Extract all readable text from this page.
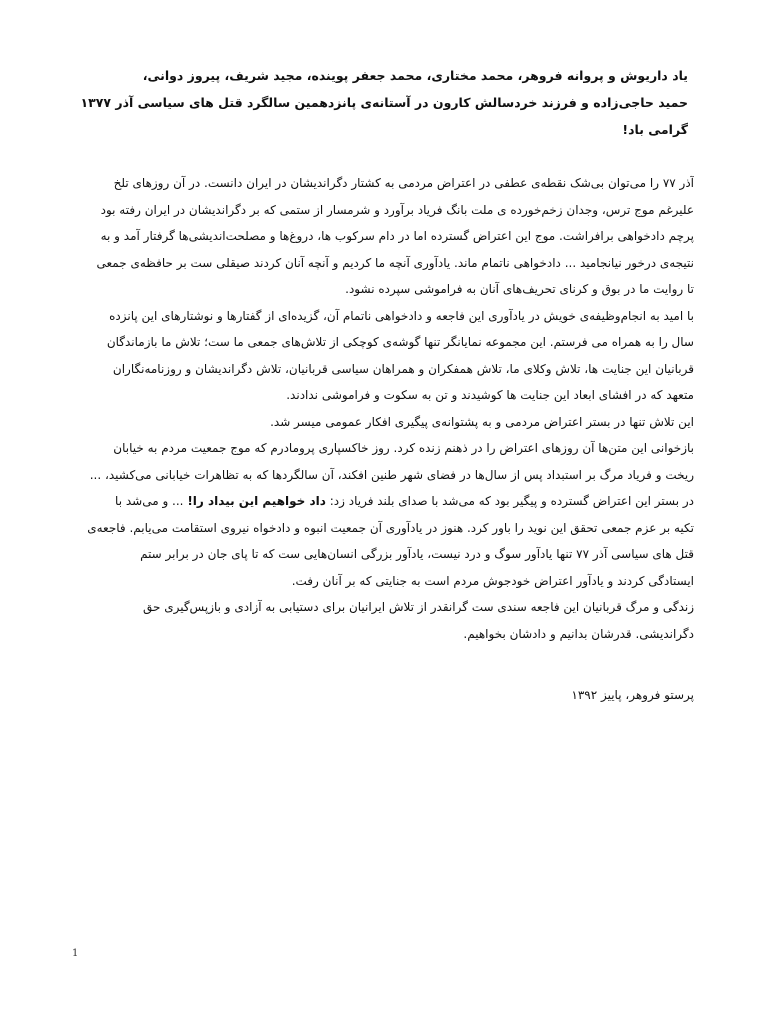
یاد داریوش و پروانه فروهر، محمد مختاری، محمد جعفر پوینده، مجید شریف، پیروز دوانی،
حمید حاجی‌زاده و فرزند خردسالش کارون در آستانه‌ی پانزدهمین سالگرد قتل های سیاسی آذر ۱۳۷۷
گرامی باد!
آذر ۷۷ را می‌توان بی‌شک نقطه‌ی عطفی در اعتراض مردمی به کشتار دگراندیشان در ایران دانست. در آن روزهای تلخ
علیرغم موج ترس، وجدان زخم‌خورده ی ملت بانگ فریاد برآورد و شرمسار از ستمی که بر دگراندیشان در ایران رفته بود
پرچم دادخواهی برافراشت. موج این اعتراض گسترده اما در دام سرکوب ها، دروغ‌ها و مصلحت‌اندیشی‌ها گرفتار آمد و به
نتیجه‌ی درخور نیانجامید ... دادخواهی ناتمام ماند. یادآوری آنچه ما کردیم و آنچه آنان کردند صیقلی ست بر حافظه‌ی جمعی
تا روایت ما در بوق و کرنای تحریف‌های آنان به فراموشی سپرده نشود.
با امید به انجام‌وظیفه‌ی خویش در یادآوری این فاجعه و دادخواهی ناتمام آن، گزیده‌ای از گفتارها و نوشتارهای این پانزده
سال را به همراه می فرستم. این مجموعه نمایانگر تنها گوشه‌ی کوچکی از تلاش‌های جمعی ما ست؛ تلاش ما بازماندگان
قربانیان این جنایت ها، تلاش وکلای ما، تلاش همفکران و همراهان سیاسی قربانیان، تلاش دگراندیشان و روزنامه‌نگاران
متعهد که در افشای ابعاد این جنایت ها کوشیدند و تن به سکوت و فراموشی ندادند.
این تلاش تنها در بستر اعتراض مردمی و به پشتوانه‌ی پیگیری افکار عمومی میسر شد.
بازخوانی این متن‌ها آن روزهای اعتراض را در ذهنم زنده کرد. روز خاکسپاری پرومادرم که موج جمعیت مردم به خیابان
ریخت و فریاد مرگ بر استبداد پس از سال‌ها در فضای شهر طنین افکند، آن سالگردها که به تظاهرات خیابانی می‌کشید، ...
در بستر این اعتراض گسترده و پیگیر بود که می‌شد با صدای بلند فریاد زد: داد خواهیم این بیداد را! ... و می‌شد با
تکیه بر عزم جمعی تحقق این نوید را باور کرد. هنوز در یادآوری آن جمعیت انبوه و دادخواه نیروی استقامت می‌یابم. فاجعه‌ی
قتل های سیاسی آذر ۷۷ تنها یادآور سوگ و درد نیست، یادآور بزرگی انسان‌هایی ست که تا پای جان در برابر ستم
ایستادگی کردند و یادآور اعتراض خودجوش مردم است به جنایتی که بر آنان رفت.
زندگی و مرگ قربانیان این فاجعه سندی ست گرانقدر از تلاش ایرانیان برای دستیابی به آزادی و بازپس‌گیری حق
دگراندیشی. قدرشان بدانیم و دادشان بخواهیم.
پرستو فروهر، پاییز ۱۳۹۲
1
